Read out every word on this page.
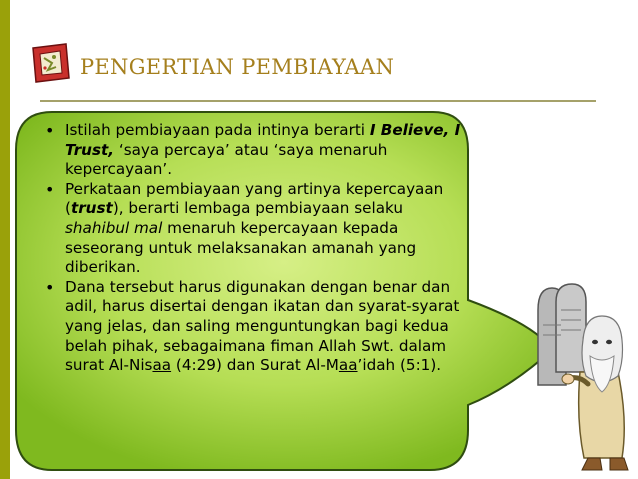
PENGERTIAN PEMBIAYAAN
• Istilah pembiayaan pada intinya berarti I Believe, I Trust, ‘saya percaya’ atau ‘saya menaruh kepercayaan’.
• Perkataan pembiayaan yang artinya kepercayaan (trust), berarti lembaga pembiayaan selaku shahibul mal menaruh kepercayaan kepada seseorang untuk melaksanakan amanah yang diberikan.
• Dana tersebut harus digunakan dengan benar dan adil, harus disertai dengan ikatan dan syarat-syarat yang jelas, dan saling menguntungkan bagi kedua belah pihak, sebagaimana fiman Allah Swt. dalam surat Al-Nisaa (4:29) dan Surat Al-Maa’idah (5:1).
